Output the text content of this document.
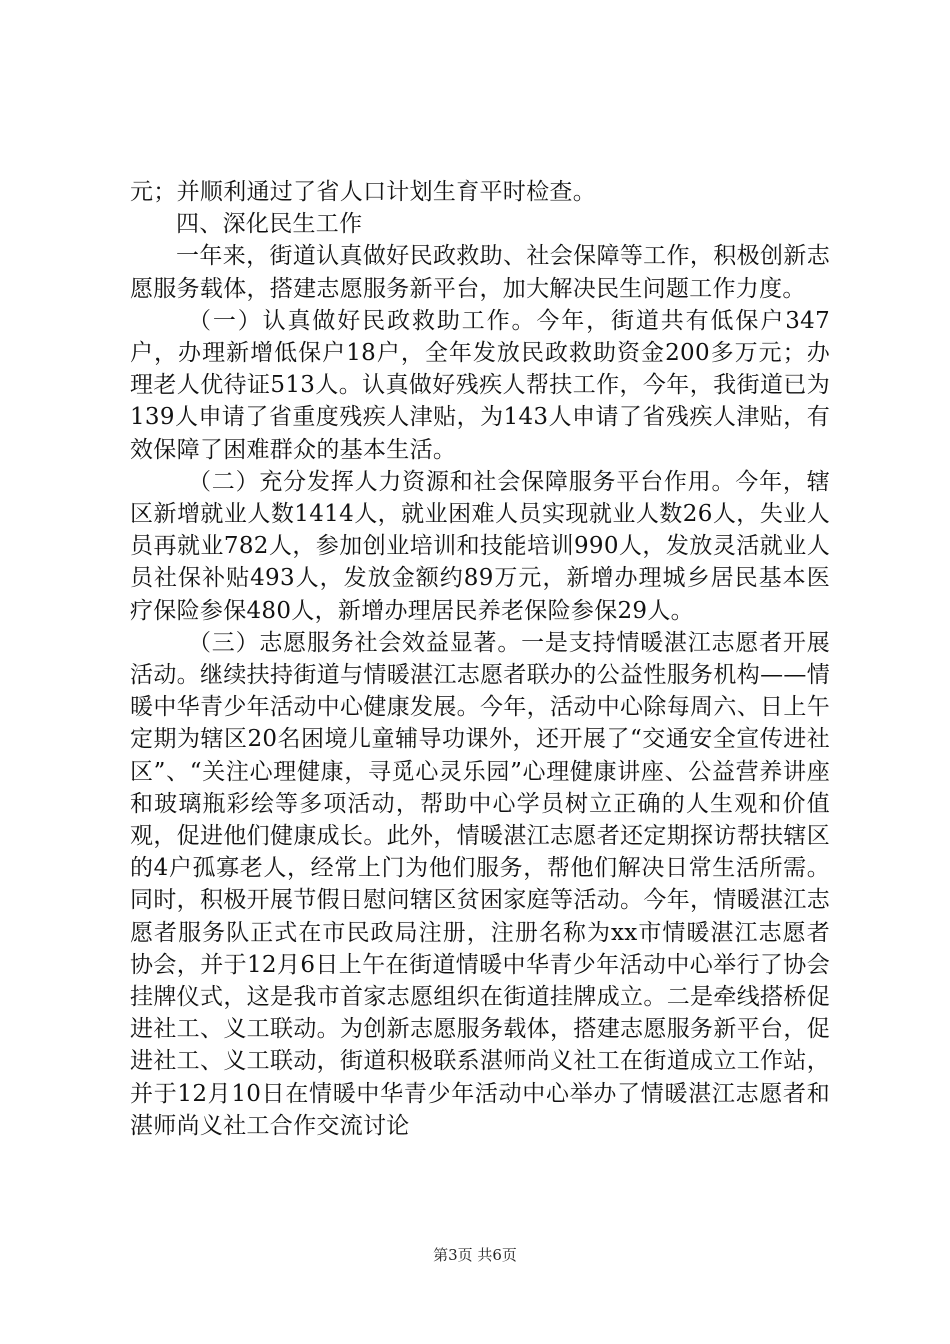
元；并顺利通过了省人口计划生育平时检查。

四、深化民生工作

一年来，街道认真做好民政救助、社会保障等工作，积极创新志愿服务载体，搭建志愿服务新平台，加大解决民生问题工作力度。

（一）认真做好民政救助工作。今年，街道共有低保户347户，办理新增低保户18户，全年发放民政救助资金200多万元；办理老人优待证513人。认真做好残疾人帮扶工作，今年，我街道已为139人申请了省重度残疾人津贴，为143人申请了省残疾人津贴，有效保障了困难群众的基本生活。

（二）充分发挥人力资源和社会保障服务平台作用。今年，辖区新增就业人数1414人，就业困难人员实现就业人数26人，失业人员再就业782人，参加创业培训和技能培训990人，发放灵活就业人员社保补贴493人，发放金额约89万元，新增办理城乡居民基本医疗保险参保480人，新增办理居民养老保险参保29人。

（三）志愿服务社会效益显著。一是支持情暖湛江志愿者开展活动。继续扶持街道与情暖湛江志愿者联办的公益性服务机构——情暖中华青少年活动中心健康发展。今年，活动中心除每周六、日上午定期为辖区20名困境儿童辅导功课外，还开展了“交通安全宣传进社区”、“关注心理健康，寻觅心灵乐园”心理健康讲座、公益营养讲座和玻璃瓶彩绘等多项活动，帮助中心学员树立正确的人生观和价值观，促进他们健康成长。此外，情暖湛江志愿者还定期探访帮扶辖区的4户孤寡老人，经常上门为他们服务，帮他们解决日常生活所需。同时，积极开展节假日慰问辖区贫困家庭等活动。今年，情暖湛江志愿者服务队正式在市民政局注册，注册名称为xx市情暖湛江志愿者协会，并于12月6日上午在街道情暖中华青少年活动中心举行了协会挂牌仪式，这是我市首家志愿组织在街道挂牌成立。二是牵线搭桥促进社工、义工联动。为创新志愿服务载体，搭建志愿服务新平台，促进社工、义工联动，街道积极联系湛师尚义社工在街道成立工作站，并于12月10日在情暖中华青少年活动中心举办了情暖湛江志愿者和湛师尚义社工合作交流讨论

第3页 共6页
